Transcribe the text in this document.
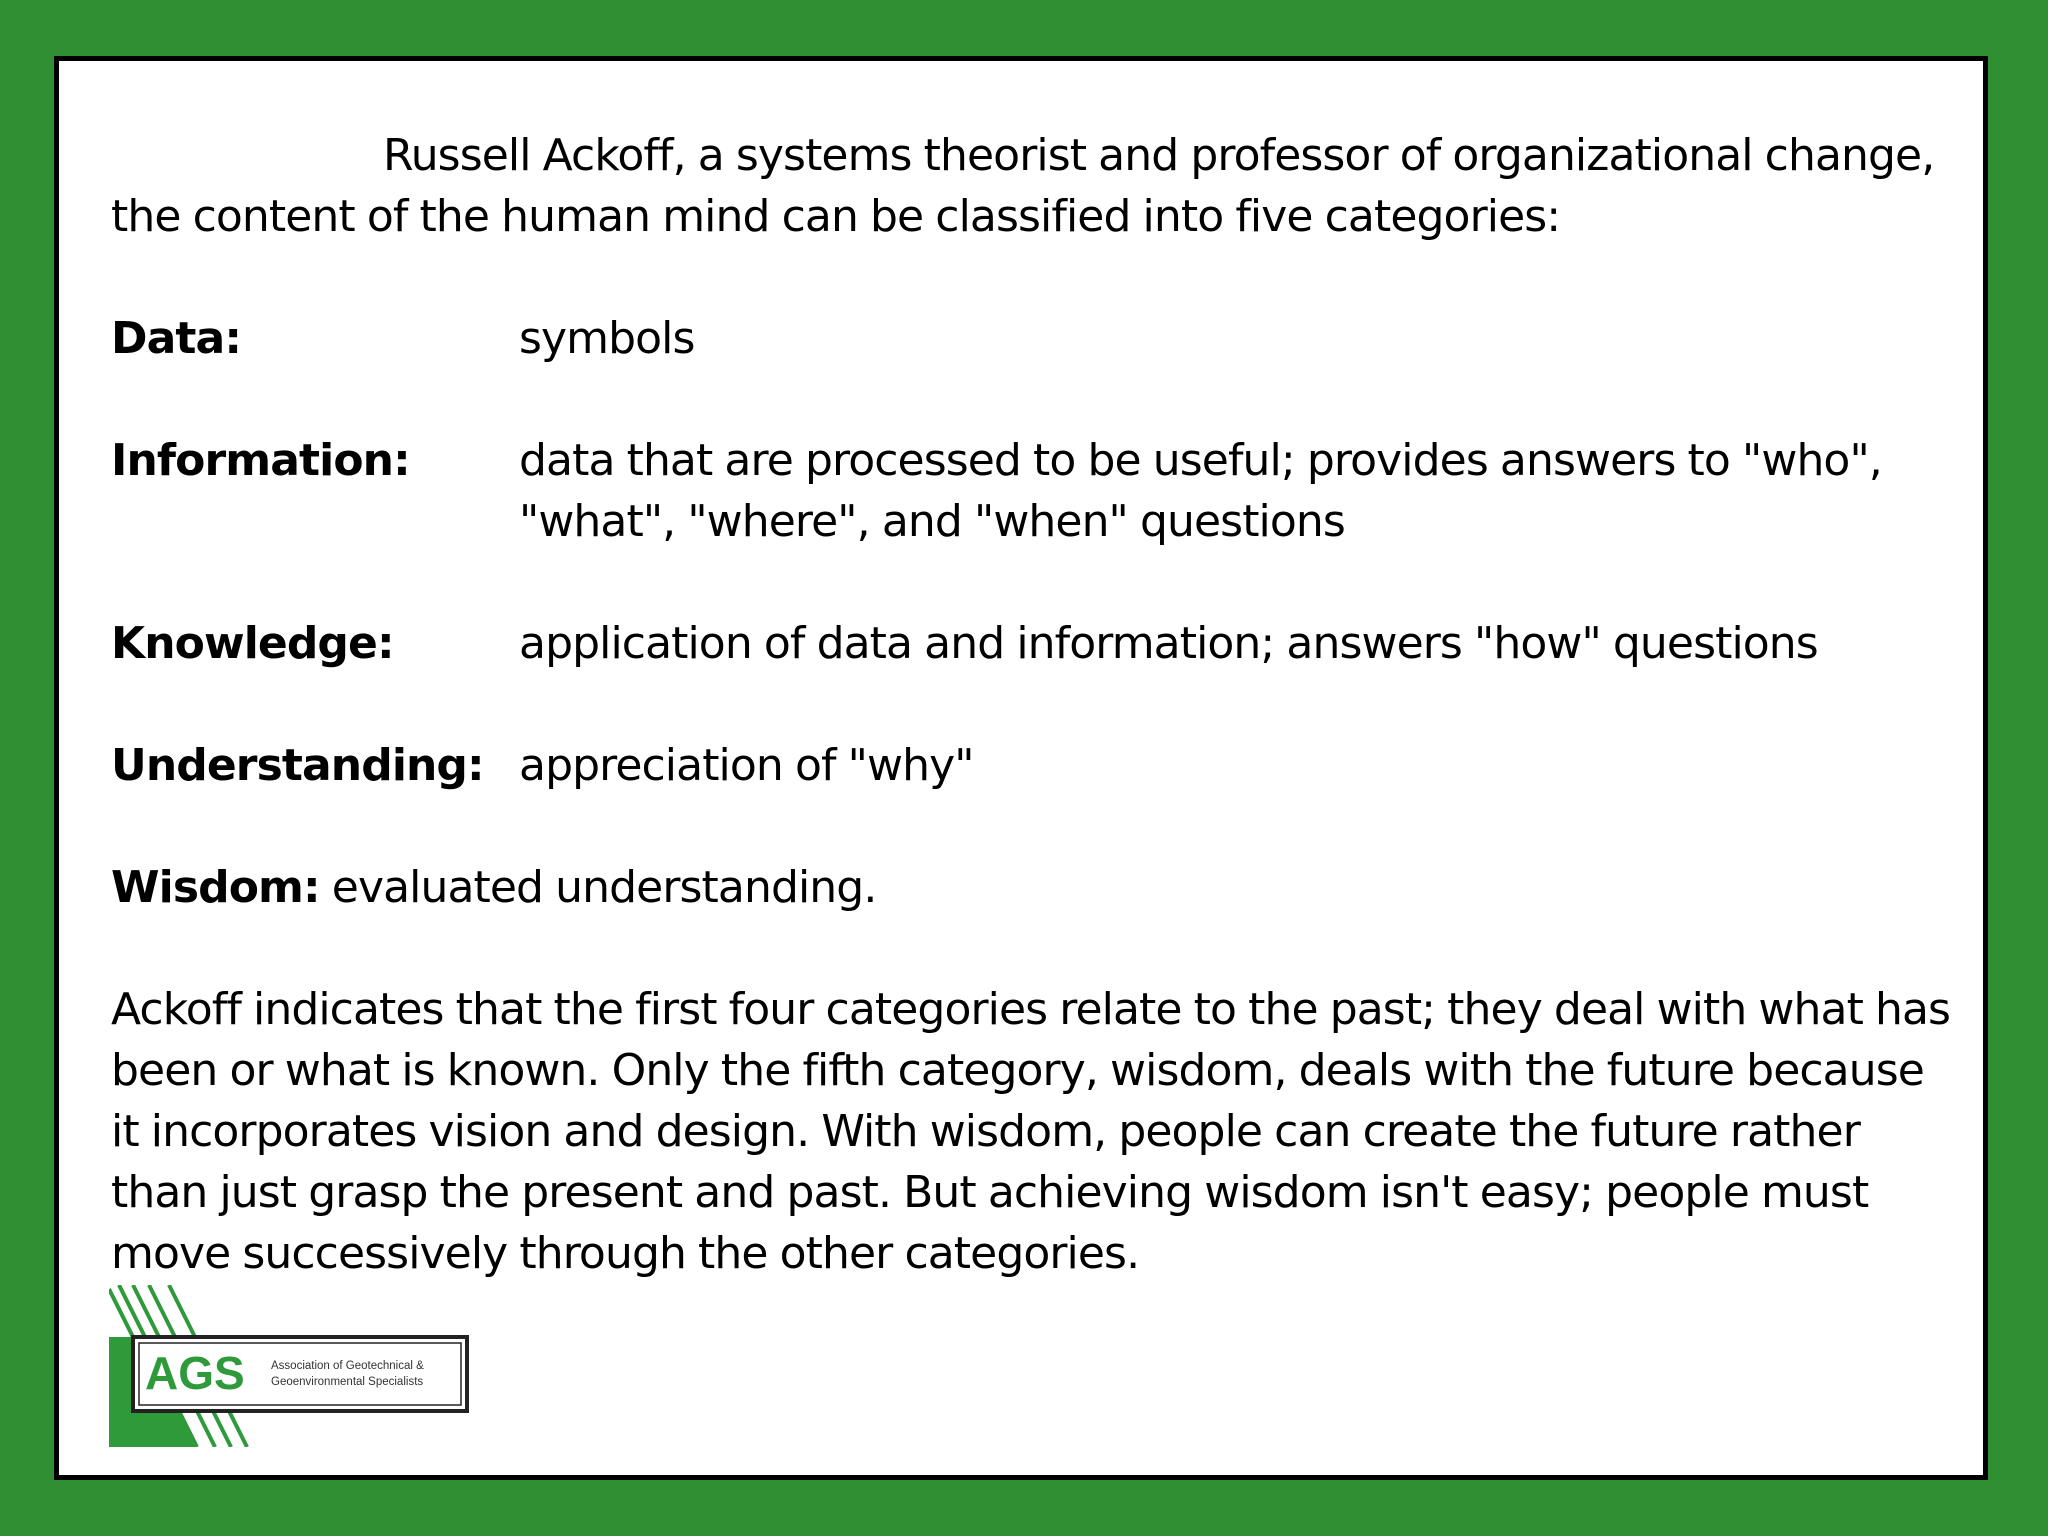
Russell Ackoff, a systems theorist and professor of organizational change, the content of the human mind can be classified into five categories:

Data:	symbols
Information:	data that are processed to be useful; provides answers to "who", "what", "where", and "when" questions
Knowledge:	application of data and information; answers "how" questions
Understanding: appreciation of "why"
Wisdom: evaluated understanding.

Ackoff indicates that the first four categories relate to the past; they deal with what has been or what is known. Only the fifth category, wisdom, deals with the future because it incorporates vision and design. With wisdom, people can create the future rather than just grasp the present and past. But achieving wisdom isn't easy; people must move successively through the other categories.

AGS Association of Geotechnical &
Geoenvironmental Specialists
